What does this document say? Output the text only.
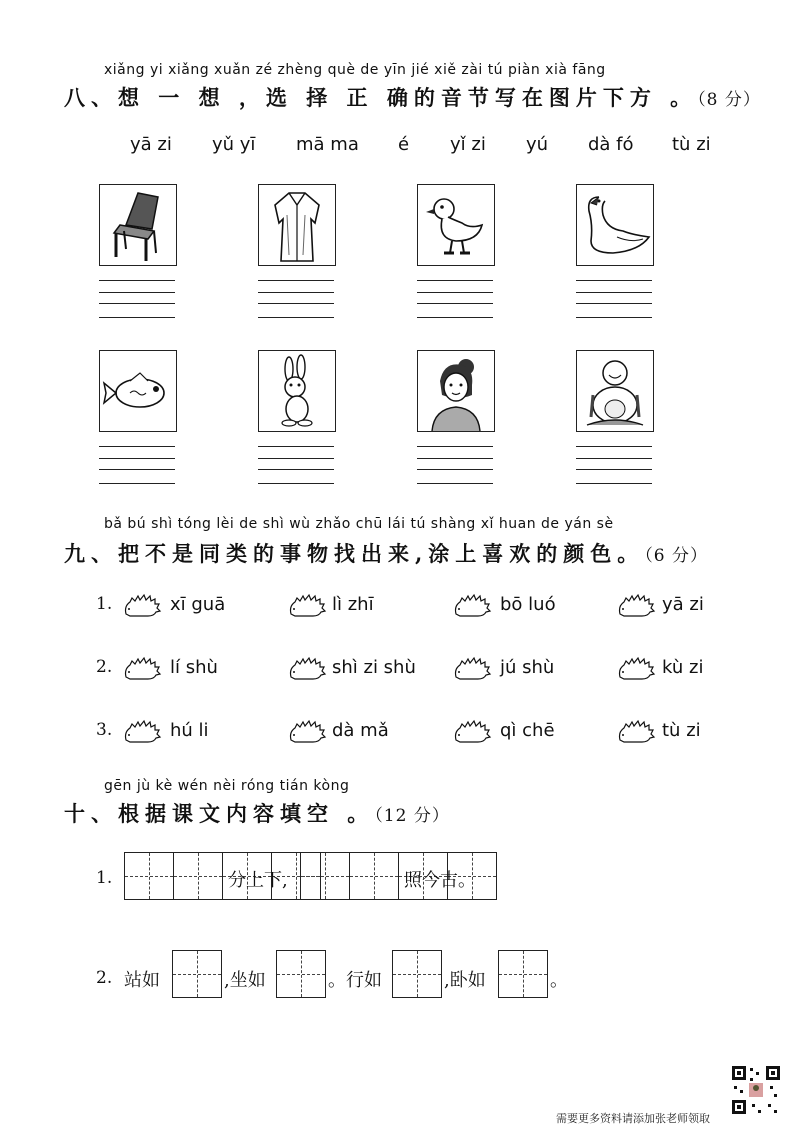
xiǎng yi xiǎng xuǎn zé zhèng què de yīn jié xiě zài tú piàn xià fāng
八、想 一 想 ，选 择 正 确的音节写在图片下方 。（8 分）
yā zi yǔ yī mā ma é yǐ zi yú dà fó tù zi
bǎ bú shì tóng lèi de shì wù zhǎo chū lái tú shàng xǐ huan de yán sè
九、把不是同类的事物找出来,涂上喜欢的颜色。（6 分）
1.	xī guā	lì zhī	bō luó	yā zi
2.	lí shù	shì zi shù	jú shù	kù zi
3.	hú li	dà mǎ	qì chē	tù zi
gēn jù kè wén nèi róng tián kòng
十、根据课文内容填空 。（12 分）
1.	分上下,	照今古。
2. 站如	,坐如	。行如	,卧如	。
需要更多资料请添加张老师领取
